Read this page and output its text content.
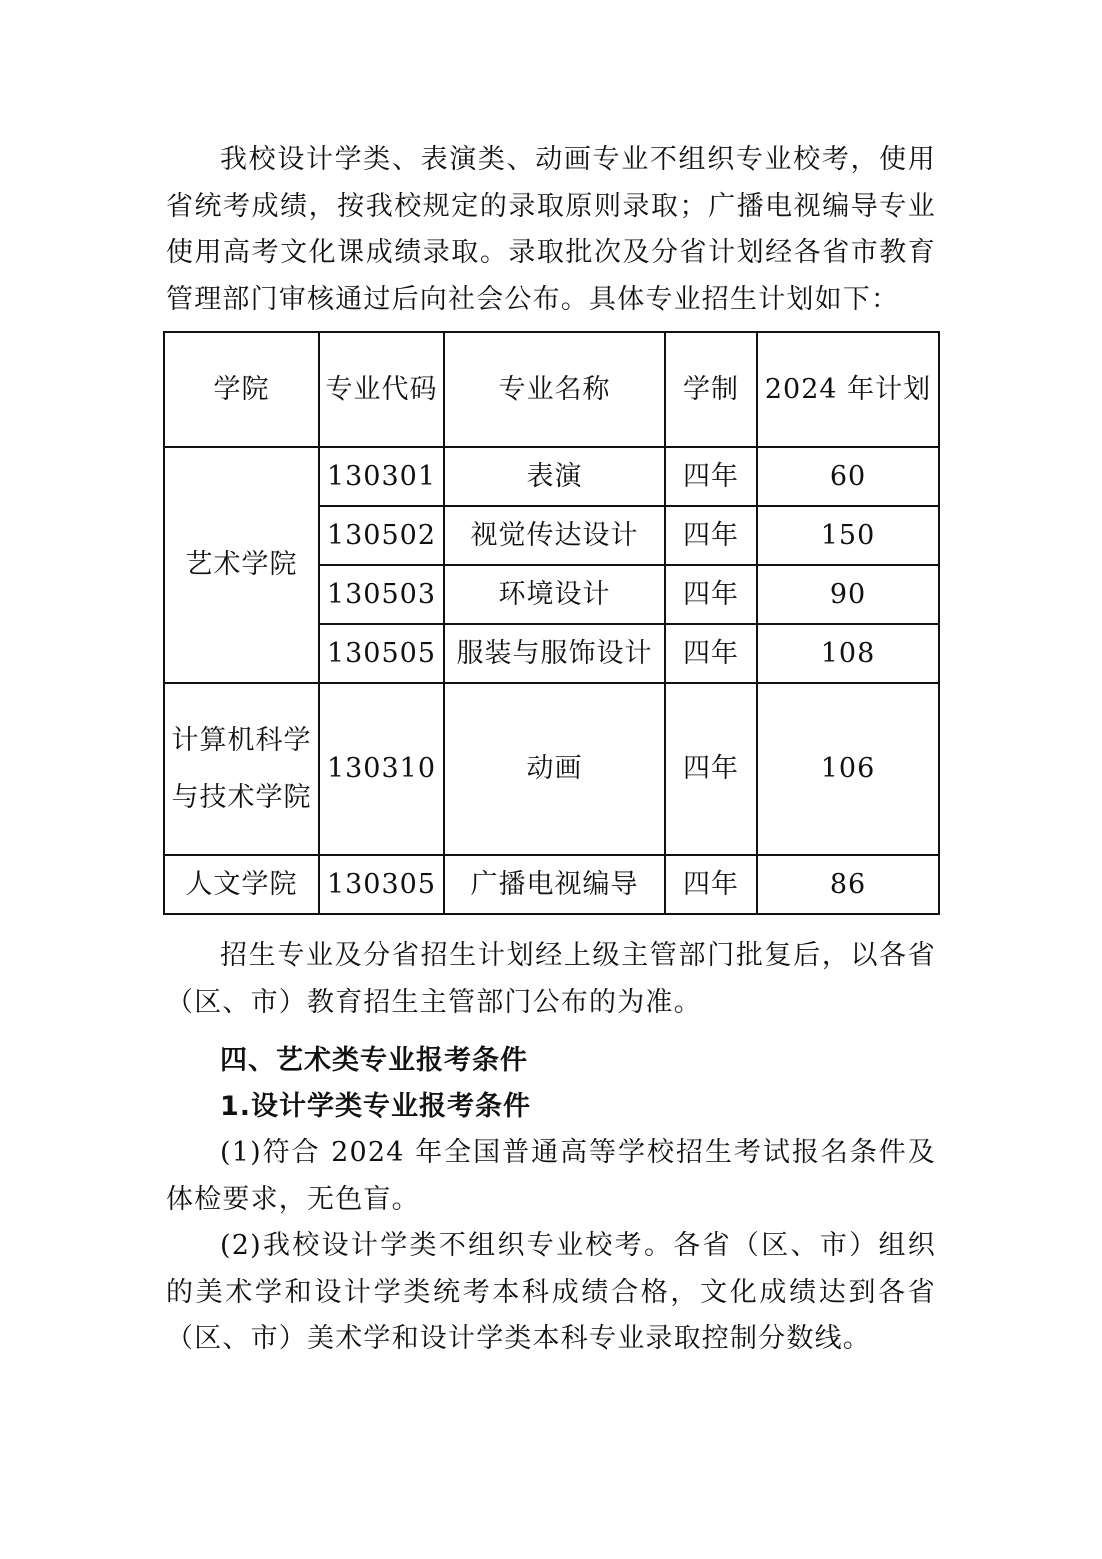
我校设计学类、表演类、动画专业不组织专业校考，使用省统考成绩，按我校规定的录取原则录取；广播电视编导专业使用高考文化课成绩录取。录取批次及分省计划经各省市教育管理部门审核通过后向社会公布。具体专业招生计划如下：

学院	专业代码	专业名称	学制	2024 年计划
艺术学院	130301	表演	四年	60
	130502	视觉传达设计	四年	150
	130503	环境设计	四年	90
	130505	服装与服饰设计	四年	108
计算机科学与技术学院	130310	动画	四年	106
人文学院	130305	广播电视编导	四年	86

招生专业及分省招生计划经上级主管部门批复后，以各省（区、市）教育招生主管部门公布的为准。

四、艺术类专业报考条件

1.设计学类专业报考条件

(1)符合 2024 年全国普通高等学校招生考试报名条件及体检要求，无色盲。

(2)我校设计学类不组织专业校考。各省（区、市）组织的美术学和设计学类统考本科成绩合格，文化成绩达到各省（区、市）美术学和设计学类本科专业录取控制分数线。
